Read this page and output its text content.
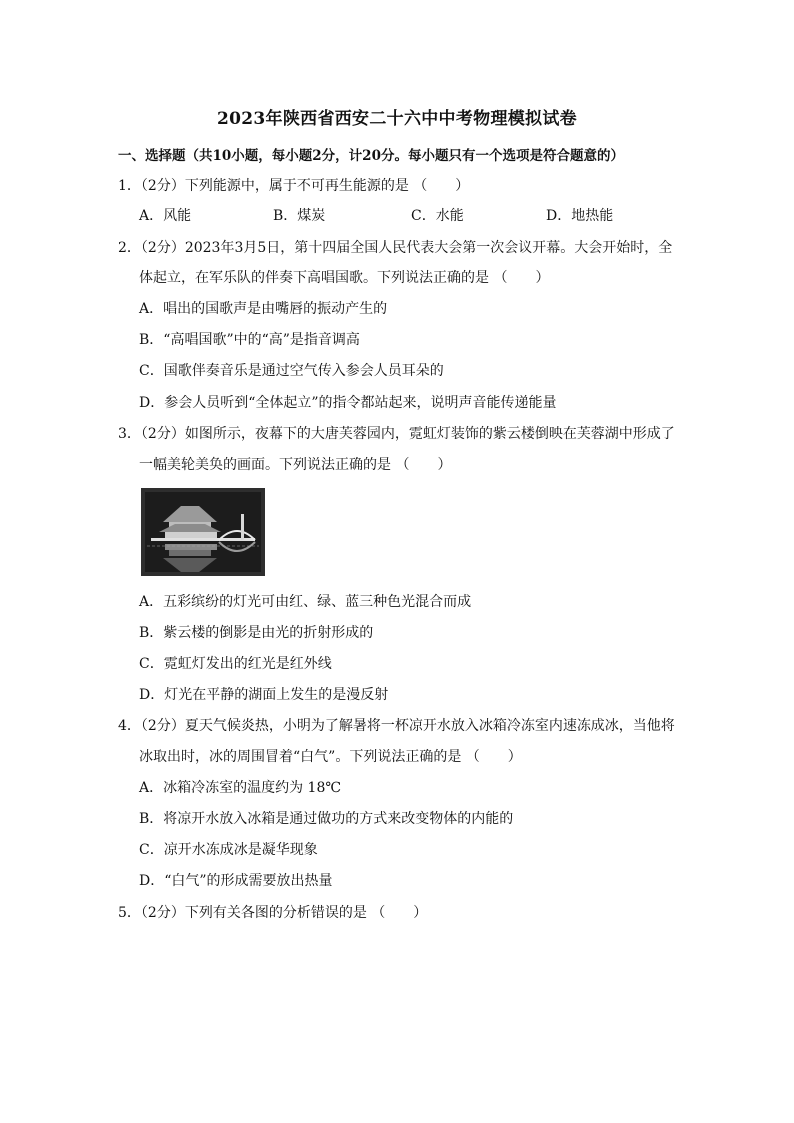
2023年陕西省西安二十六中中考物理模拟试卷
一、选择题（共10小题，每小题2分，计20分。每小题只有一个选项是符合题意的）
1．（2分）下列能源中，属于不可再生能源的是 （　　）
A．风能	B．煤炭	C．水能	D．地热能
2．（2分）2023年3月5日，第十四届全国人民代表大会第一次会议开幕。大会开始时，全
体起立，在军乐队的伴奏下高唱国歌。下列说法正确的是 （　　）
A．唱出的国歌声是由嘴唇的振动产生的
B．“高唱国歌”中的“高”是指音调高
C．国歌伴奏音乐是通过空气传入参会人员耳朵的
D．参会人员听到“全体起立”的指令都站起来，说明声音能传递能量
3．（2分）如图所示，夜幕下的大唐芙蓉园内，霓虹灯装饰的紫云楼倒映在芙蓉湖中形成了
一幅美轮美奂的画面。下列说法正确的是 （　　）
A．五彩缤纷的灯光可由红、绿、蓝三种色光混合而成
B．紫云楼的倒影是由光的折射形成的
C．霓虹灯发出的红光是红外线
D．灯光在平静的湖面上发生的是漫反射
4．（2分）夏天气候炎热，小明为了解暑将一杯凉开水放入冰箱冷冻室内速冻成冰，当他将
冰取出时，冰的周围冒着“白气”。下列说法正确的是 （　　）
A．冰箱冷冻室的温度约为 18℃
B．将凉开水放入冰箱是通过做功的方式来改变物体的内能的
C．凉开水冻成冰是凝华现象
D．“白气”的形成需要放出热量
5．（2分）下列有关各图的分析错误的是 （　　）
